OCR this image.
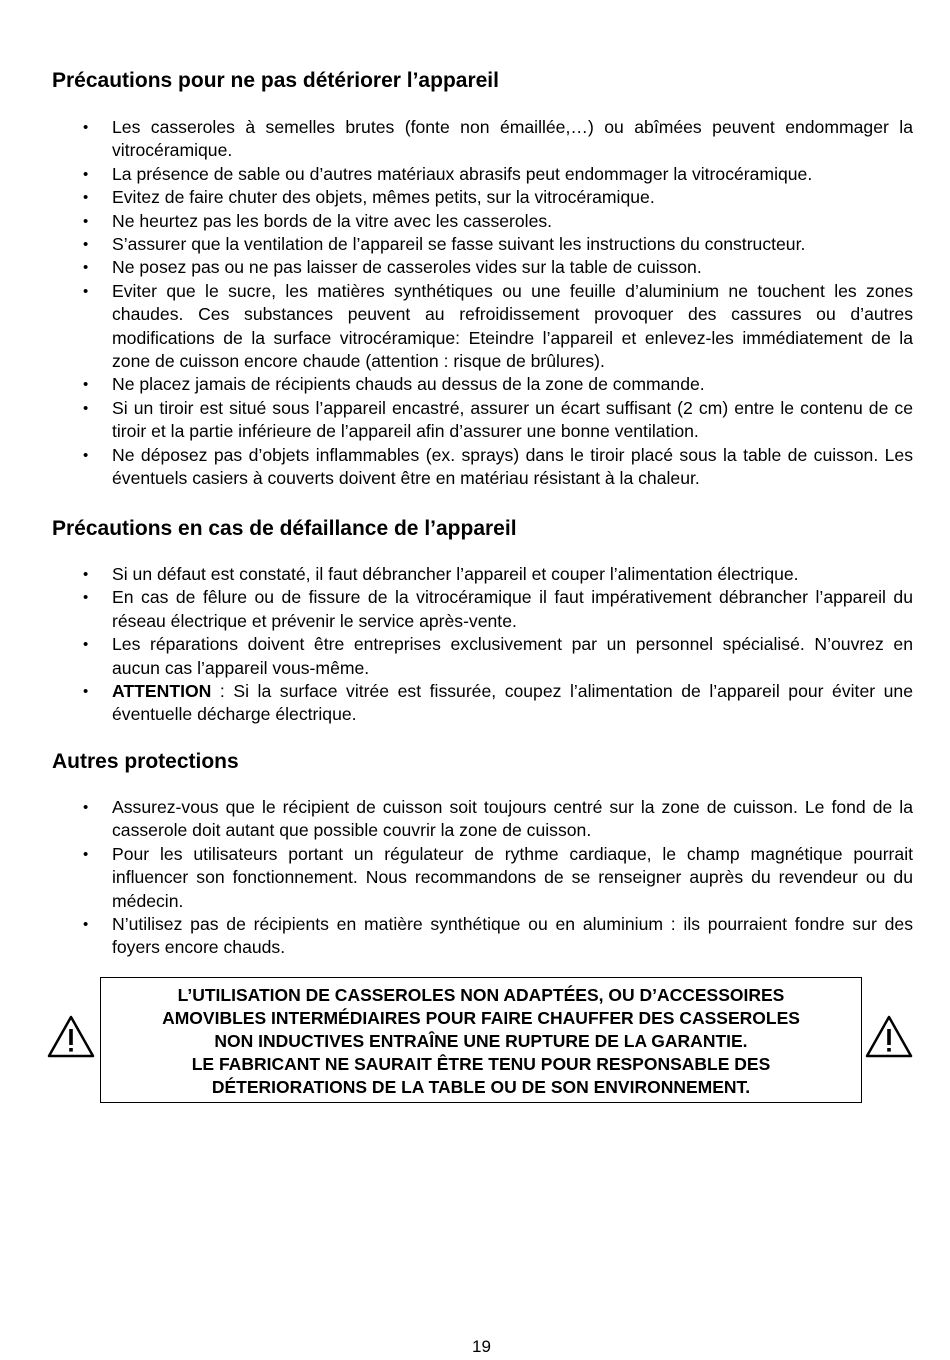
Précautions pour ne pas détériorer l’appareil
• Les casseroles à semelles brutes (fonte non émaillée,…) ou abîmées peuvent endommager la vitrocéramique.
• La présence de sable ou d’autres matériaux abrasifs peut endommager la vitrocéramique.
• Evitez de faire chuter des objets, mêmes petits, sur la vitrocéramique.
• Ne heurtez pas les bords de la vitre avec les casseroles.
• S’assurer que la ventilation de l’appareil se fasse suivant les instructions du constructeur.
• Ne posez pas ou ne pas laisser de casseroles vides sur la table de cuisson.
• Eviter que le sucre, les matières synthétiques ou une feuille d’aluminium ne touchent les zones chaudes. Ces substances peuvent au refroidissement provoquer des cassures ou d’autres modifications de la surface vitrocéramique: Eteindre l’appareil et enlevez-les immédiatement de la zone de cuisson encore chaude (attention : risque de brûlures).
• Ne placez jamais de récipients chauds au dessus de la zone de commande.
• Si un tiroir est situé sous l’appareil encastré, assurer un écart suffisant (2 cm) entre le contenu de ce tiroir et la partie inférieure de l’appareil afin d’assurer une bonne ventilation.
• Ne déposez pas d’objets inflammables (ex. sprays) dans le tiroir placé sous la table de cuisson. Les éventuels casiers à couverts doivent être en matériau résistant à la chaleur.
Précautions en cas de défaillance de l’appareil
• Si un défaut est constaté, il faut débrancher l’appareil et couper l’alimentation électrique.
• En cas de fêlure ou de fissure de la vitrocéramique il faut impérativement débrancher l’appareil du réseau électrique et prévenir le service après-vente.
• Les réparations doivent être entreprises exclusivement par un personnel spécialisé. N’ouvrez en aucun cas l’appareil vous-même.
• ATTENTION : Si la surface vitrée est fissurée, coupez l’alimentation de l’appareil pour éviter une éventuelle décharge électrique.
Autres protections
• Assurez-vous que le récipient de cuisson soit toujours centré sur la zone de cuisson. Le fond de la casserole doit autant que possible couvrir la zone de cuisson.
• Pour les utilisateurs portant un régulateur de rythme cardiaque, le champ magnétique pourrait influencer son fonctionnement. Nous recommandons de se renseigner auprès du revendeur ou du médecin.
• N’utilisez pas de récipients en matière synthétique ou en aluminium : ils pourraient fondre sur des foyers encore chauds.
L’UTILISATION DE CASSEROLES NON ADAPTÉES, OU D’ACCESSOIRES
AMOVIBLES INTERMÉDIAIRES POUR FAIRE CHAUFFER DES CASSEROLES
NON INDUCTIVES ENTRAÎNE UNE RUPTURE DE LA GARANTIE.
LE FABRICANT NE SAURAIT ÊTRE TENU POUR RESPONSABLE DES
DÉTERIORATIONS DE LA TABLE OU DE SON ENVIRONNEMENT.
19
